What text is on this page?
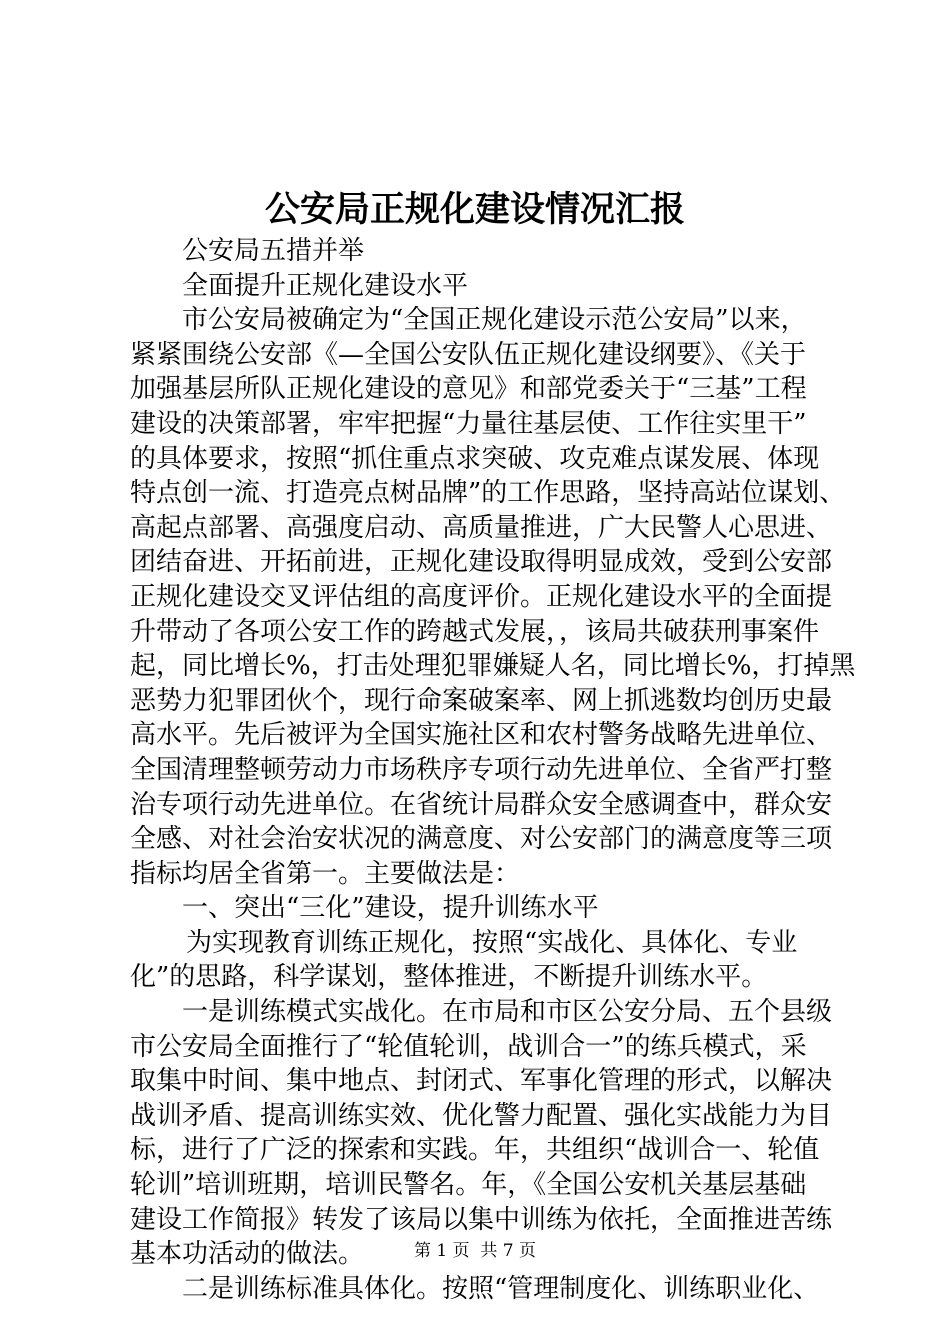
公安局正规化建设情况汇报
公安局五措并举
全面提升正规化建设水平
市公安局被确定为“全国正规化建设示范公安局”以来，
紧紧围绕公安部《—全国公安队伍正规化建设纲要》、《关于
加强基层所队正规化建设的意见》和部党委关于“三基”工程
建设的决策部署，牢牢把握“力量往基层使、工作往实里干”
的具体要求，按照“抓住重点求突破、攻克难点谋发展、体现
特点创一流、打造亮点树品牌”的工作思路，坚持高站位谋划、
高起点部署、高强度启动、高质量推进，广大民警人心思进、
团结奋进、开拓前进，正规化建设取得明显成效，受到公安部
正规化建设交叉评估组的高度评价。正规化建设水平的全面提
升带动了各项公安工作的跨越式发展，，该局共破获刑事案件
起，同比增长%，打击处理犯罪嫌疑人名，同比增长%，打掉黑
恶势力犯罪团伙个，现行命案破案率、网上抓逃数均创历史最
高水平。先后被评为全国实施社区和农村警务战略先进单位、
全国清理整顿劳动力市场秩序专项行动先进单位、全省严打整
治专项行动先进单位。在省统计局群众安全感调查中，群众安
全感、对社会治安状况的满意度、对公安部门的满意度等三项
指标均居全省第一。主要做法是：
一、突出“三化”建设，提升训练水平
为实现教育训练正规化，按照“实战化、具体化、专业
化”的思路，科学谋划，整体推进，不断提升训练水平。
一是训练模式实战化。在市局和市区公安分局、五个县级
市公安局全面推行了“轮值轮训，战训合一”的练兵模式，采
取集中时间、集中地点、封闭式、军事化管理的形式，以解决
战训矛盾、提高训练实效、优化警力配置、强化实战能力为目
标，进行了广泛的探索和实践。年，共组织“战训合一、轮值
轮训”培训班期，培训民警名。年，《全国公安机关基层基础
建设工作简报》转发了该局以集中训练为依托，全面推进苦练
基本功活动的做法。
二是训练标准具体化。按照“管理制度化、训练职业化、
第 1 页  共 7 页
